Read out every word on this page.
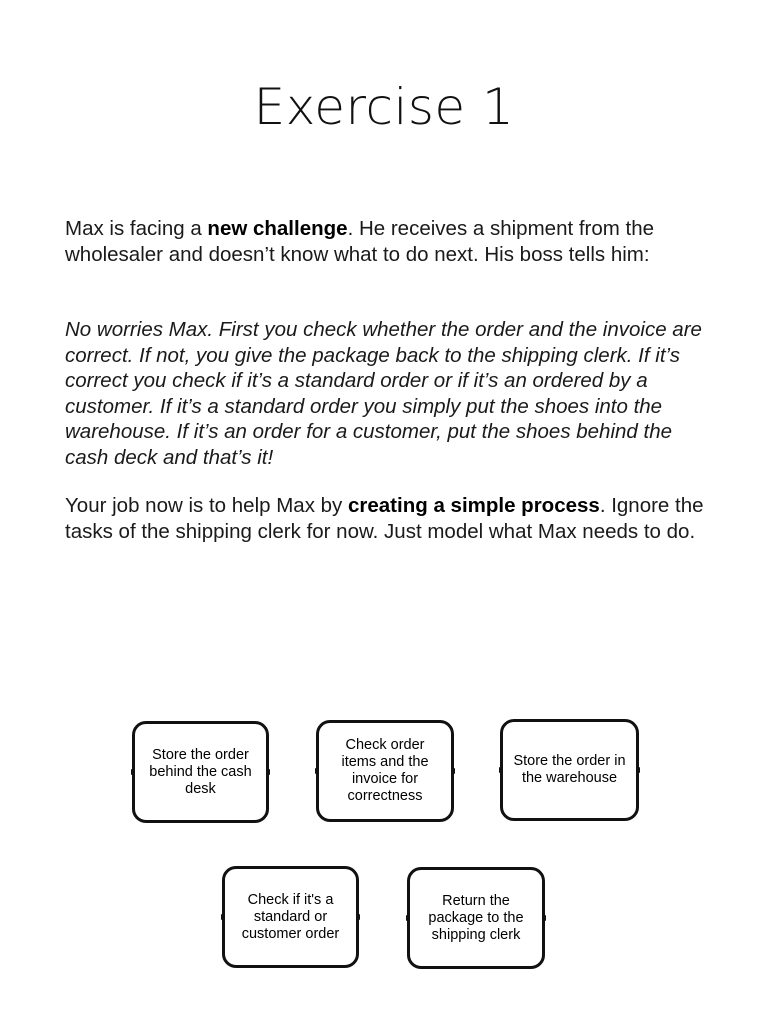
Exercise 1
Max is facing a new challenge. He receives a shipment from the wholesaler and doesn’t know what to do next. His boss tells him:
No worries Max. First you check whether the order and the invoice are correct. If not, you give the package back to the shipping clerk. If it’s correct you check if it’s a standard order or if it’s an ordered by a customer. If it’s a standard order you simply put the shoes into the warehouse. If it’s an order for a customer, put the shoes behind the cash deck and that’s it!
Your job now is to help Max by creating a simple process. Ignore the tasks of the shipping clerk for now. Just model what Max needs to do.
Store the order behind the cash desk
Check order items and the invoice for correctness
Store the order in the warehouse
Check if it's a standard or customer order
Return the package to the shipping clerk
